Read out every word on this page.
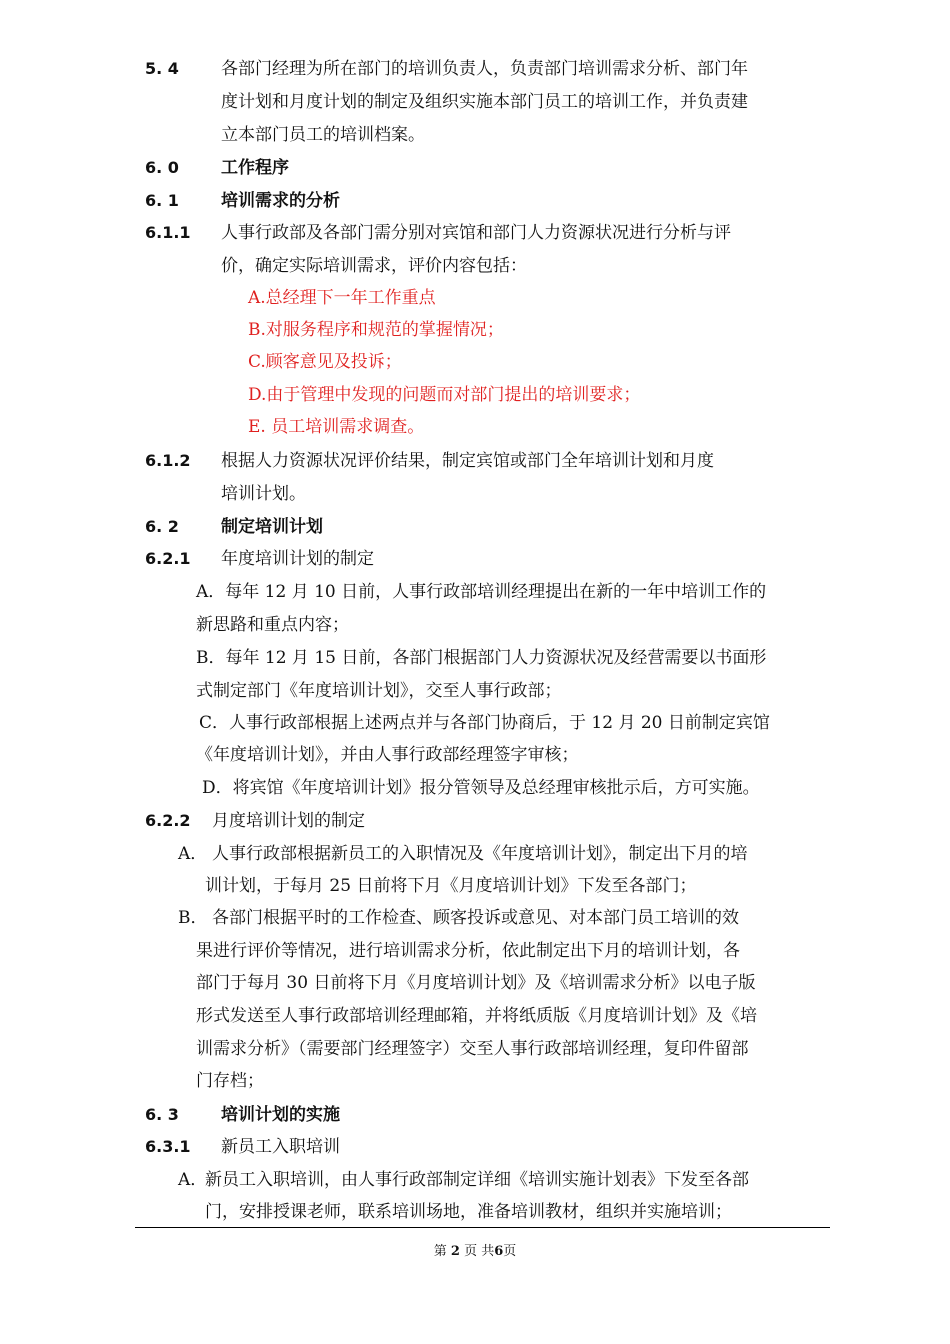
5. 4 各部门经理为所在部门的培训负责人，负责部门培训需求分析、部门年
度计划和月度计划的制定及组织实施本部门员工的培训工作，并负责建
立本部门员工的培训档案。
6. 0 工作程序
6. 1 培训需求的分析
6.1.1 人事行政部及各部门需分别对宾馆和部门人力资源状况进行分析与评
价，确定实际培训需求，评价内容包括：
A.总经理下一年工作重点
B.对服务程序和规范的掌握情况；
C.顾客意见及投诉；
D.由于管理中发现的问题而对部门提出的培训要求；
E. 员工培训需求调查。
6.1.2 根据人力资源状况评价结果，制定宾馆或部门全年培训计划和月度
培训计划。
6. 2 制定培训计划
6.2.1 年度培训计划的制定
A．每年 12 月 10 日前，人事行政部培训经理提出在新的一年中培训工作的
新思路和重点内容；
B．每年 12 月 15 日前，各部门根据部门人力资源状况及经营需要以书面形
式制定部门《年度培训计划》，交至人事行政部；
C．人事行政部根据上述两点并与各部门协商后，于 12 月 20 日前制定宾馆
《年度培训计划》，并由人事行政部经理签字审核；
D．将宾馆《年度培训计划》报分管领导及总经理审核批示后，方可实施。
6.2.2 月度培训计划的制定
A． 人事行政部根据新员工的入职情况及《年度培训计划》，制定出下月的培
训计划，于每月 25 日前将下月《月度培训计划》下发至各部门；
B． 各部门根据平时的工作检查、顾客投诉或意见、对本部门员工培训的效
果进行评价等情况，进行培训需求分析，依此制定出下月的培训计划，各
部门于每月 30 日前将下月《月度培训计划》及《培训需求分析》以电子版
形式发送至人事行政部培训经理邮箱，并将纸质版《月度培训计划》及《培
训需求分析》（需要部门经理签字）交至人事行政部培训经理，复印件留部
门存档；
6. 3 培训计划的实施
6.3.1 新员工入职培训
A．
新员工入职培训，由人事行政部制定详细《培训实施计划表》下发至各部
门，安排授课老师，联系培训场地，准备培训教材，组织并实施培训；
第 2 页 共6页
